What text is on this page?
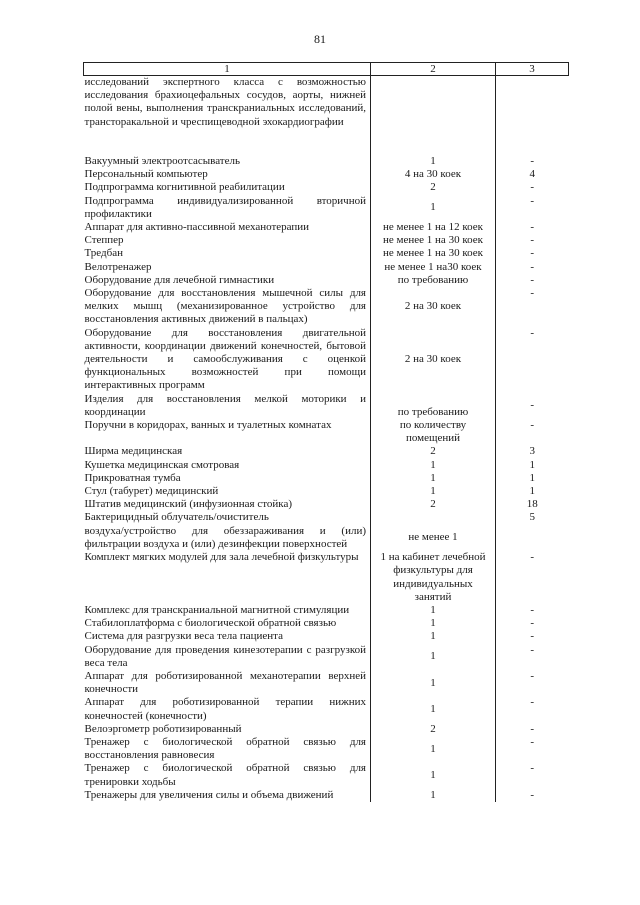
81
1	2	3
исследований экспертного класса с возможностью исследования брахиоцефальных сосудов, аорты, нижней полой вены, выполнения транскраниальных исследований, трансторакальной и чреспищеводной эхокардиографии		
Вакуумный электроотсасыватель	1	-
Персональный компьютер	4 на 30 коек	4
Подпрограмма когнитивной реабилитации	2	-
Подпрограмма индивидуализированной вторичной профилактики	1	-
Аппарат для активно-пассивной механотерапии	не менее 1 на 12 коек	-
Степпер	не менее 1 на 30 коек	-
Тредбан	не менее 1 на 30 коек	-
Велотренажер	не менее 1 на30 коек	-
Оборудование для лечебной гимнастики	по требованию	-
Оборудование для восстановления мышечной силы для мелких мышц (механизированное устройство для восстановления активных движений в пальцах)	2 на 30 коек	-
Оборудование для восстановления двигательной активности, координации движений конечностей, бытовой деятельности и самообслуживания с оценкой функциональных возможностей при помощи интерактивных программ	2 на 30 коек	-
Изделия для восстановления мелкой моторики и координации	по требованию	-
Поручни в коридорах, ванных и туалетных комнатах	по количеству помещений	-
Ширма медицинская	2	3
Кушетка медицинская смотровая	1	1
Прикроватная тумба	1	1
Стул (табурет) медицинский	1	1
Штатив медицинский (инфузионная стойка)	2	18
Бактерицидный облучатель/очиститель		5
воздуха/устройство для обеззараживания и (или) фильтрации воздуха и (или) дезинфекции поверхностей	не менее 1	
Комплект мягких модулей для зала лечебной физкультуры	1 на кабинет лечебной физкультуры для индивидуальных занятий	-
Комплекс для транскраниальной магнитной стимуляции	1	-
Стабилоплатформа с биологической обратной связью	1	-
Система для разгрузки веса тела пациента	1	-
Оборудование для проведения кинезотерапии с разгрузкой веса тела	1	-
Аппарат для роботизированной механотерапии верхней конечности	1	-
Аппарат для роботизированной терапии нижних конечностей (конечности)	1	-
Велоэргометр роботизированный	2	-
Тренажер с биологической обратной связью для восстановления равновесия	1	-
Тренажер с биологической обратной связью для тренировки ходьбы	1	-
Тренажеры для увеличения силы и объема движений	1	-
